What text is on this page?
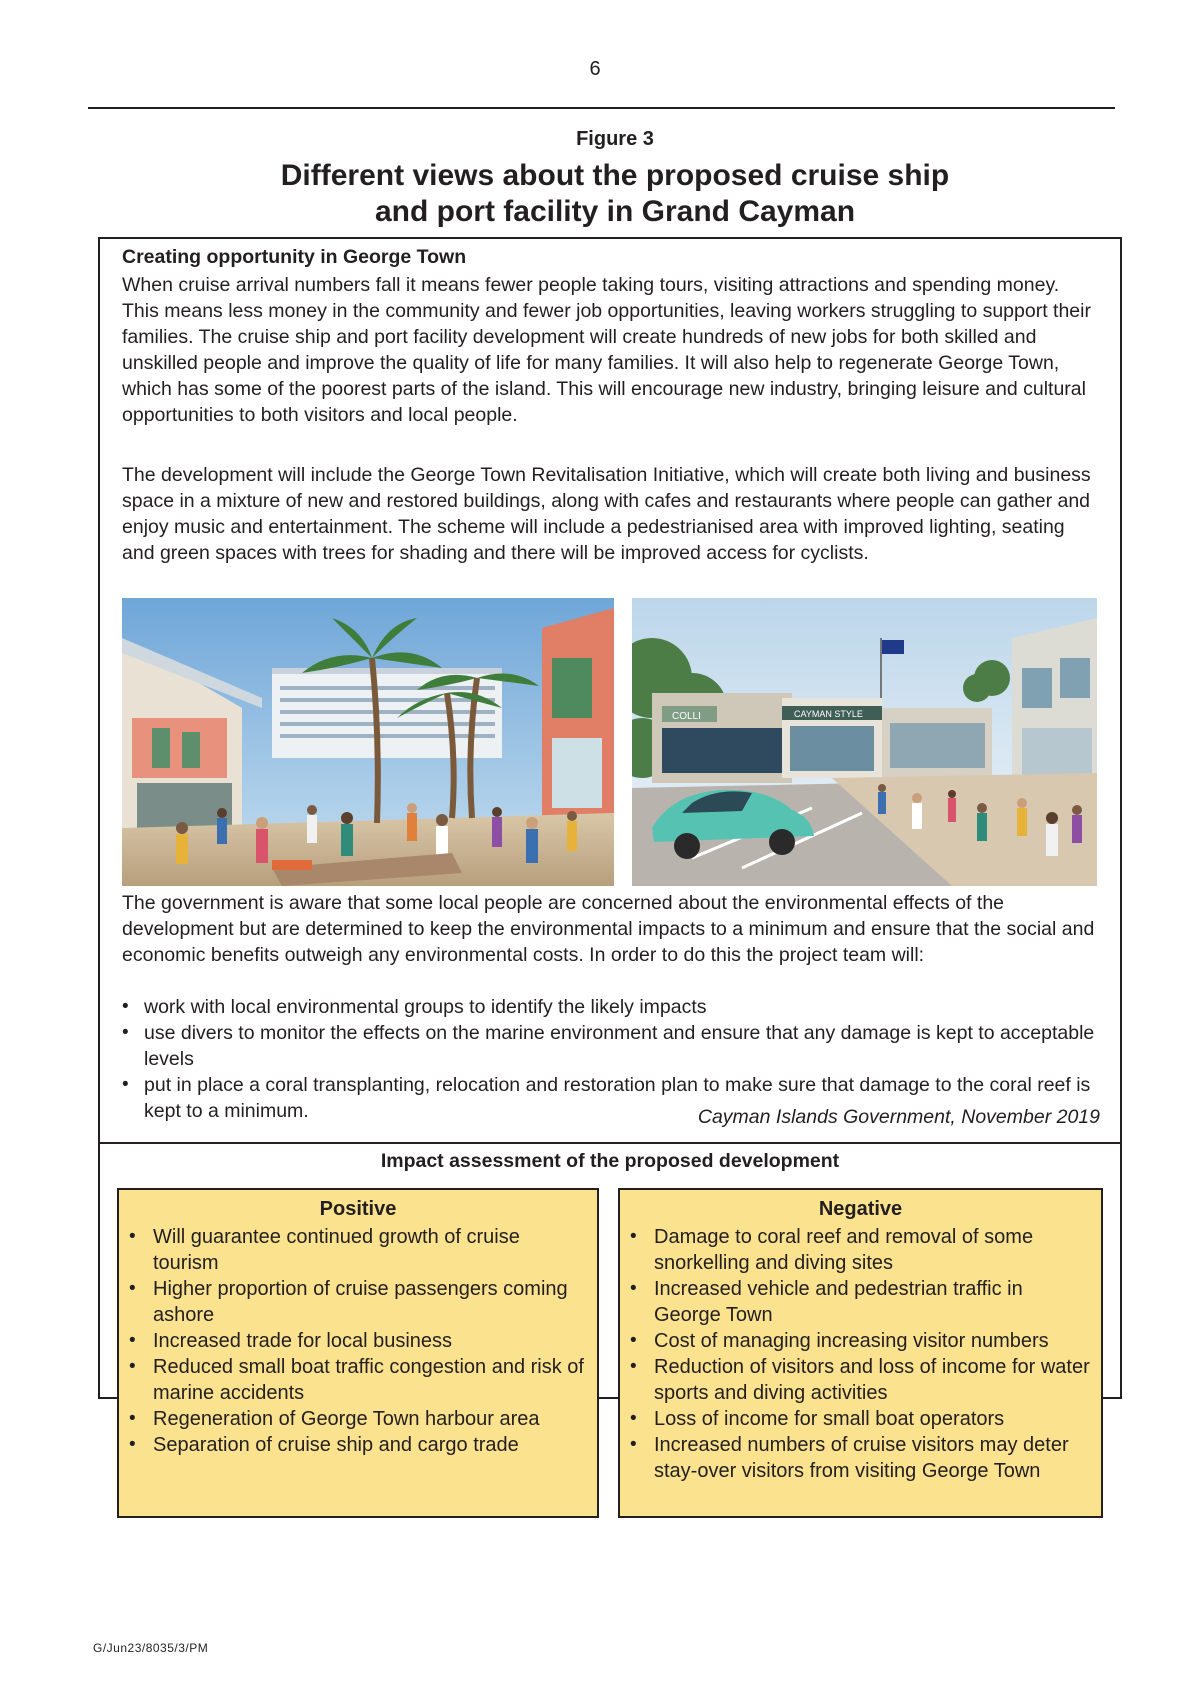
6
Figure 3
Different views about the proposed cruise ship
and port facility in Grand Cayman
Creating opportunity in George Town

When cruise arrival numbers fall it means fewer people taking tours, visiting attractions and spending money. This means less money in the community and fewer job opportunities, leaving workers struggling to support their families. The cruise ship and port facility development will create hundreds of new jobs for both skilled and unskilled people and improve the quality of life for many families. It will also help to regenerate George Town, which has some of the poorest parts of the island. This will encourage new industry, bringing leisure and cultural opportunities to both visitors and local people.

The development will include the George Town Revitalisation Initiative, which will create both living and business space in a mixture of new and restored buildings, along with cafes and restaurants where people can gather and enjoy music and entertainment. The scheme will include a pedestrianised area with improved lighting, seating and green spaces with trees for shading and there will be improved access for cyclists.

COLLI	CAYMAN STYLE

The government is aware that some local people are concerned about the environmental effects of the development but are determined to keep the environmental impacts to a minimum and ensure that the social and economic benefits outweigh any environmental costs. In order to do this the project team will:

• work with local environmental groups to identify the likely impacts
• use divers to monitor the effects on the marine environment and ensure that any damage is kept to acceptable levels
• put in place a coral transplanting, relocation and restoration plan to make sure that damage to the coral reef is kept to a minimum.	Cayman Islands Government, November 2019
Impact assessment of the proposed development
Positive
• Will guarantee continued growth of cruise tourism
• Higher proportion of cruise passengers coming ashore
• Increased trade for local business
• Reduced small boat traffic congestion and risk of marine accidents
• Regeneration of George Town harbour area
• Separation of cruise ship and cargo trade
Negative
• Damage to coral reef and removal of some snorkelling and diving sites
• Increased vehicle and pedestrian traffic in George Town
• Cost of managing increasing visitor numbers
• Reduction of visitors and loss of income for water sports and diving activities
• Loss of income for small boat operators
• Increased numbers of cruise visitors may deter stay-over visitors from visiting George Town
G/Jun23/8035/3/PM
